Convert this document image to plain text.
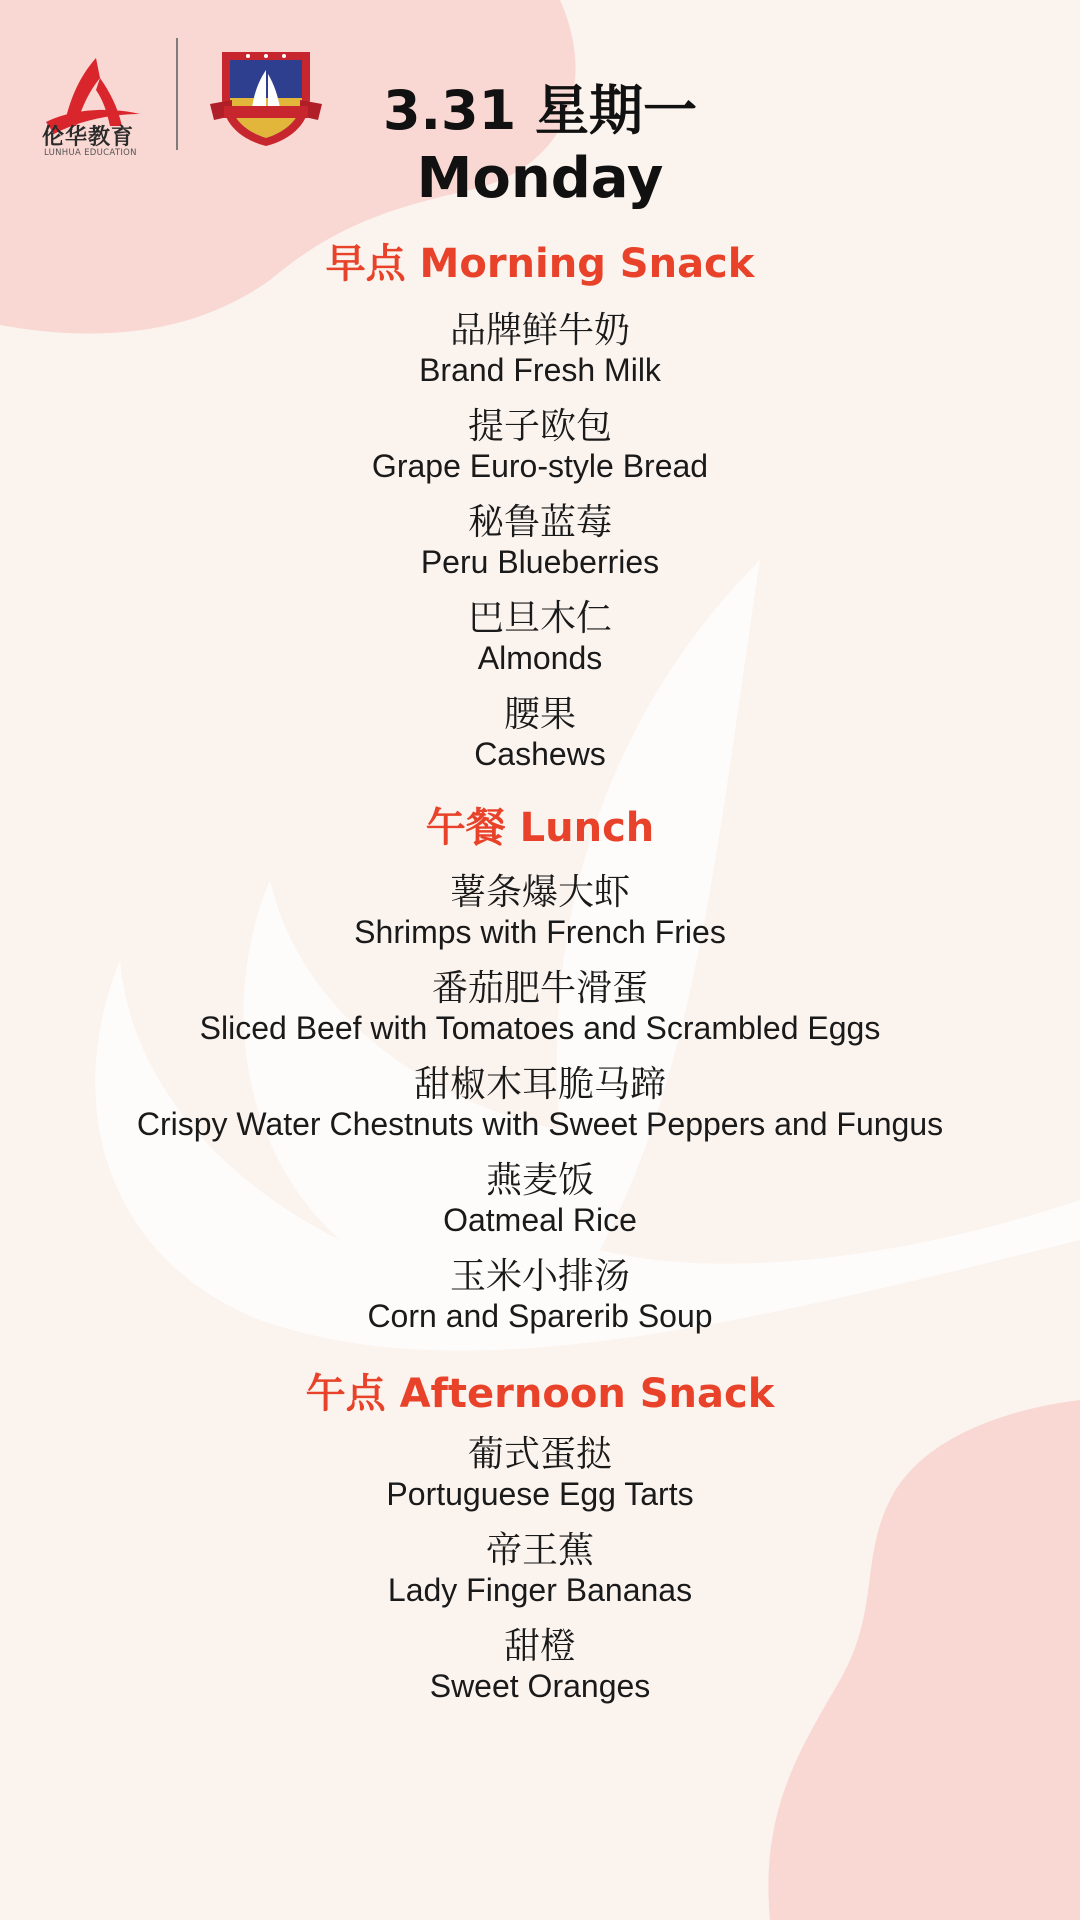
伦华教育
LUNHUA EDUCATION
3.31 星期一
Monday
早点 Morning Snack
品牌鲜牛奶
Brand Fresh Milk
提子欧包
Grape Euro-style Bread
秘鲁蓝莓
Peru Blueberries
巴旦木仁
Almonds
腰果
Cashews
午餐 Lunch
薯条爆大虾
Shrimps with French Fries
番茄肥牛滑蛋
Sliced Beef with Tomatoes and Scrambled Eggs
甜椒木耳脆马蹄
Crispy Water Chestnuts with Sweet Peppers and Fungus
燕麦饭
Oatmeal Rice
玉米小排汤
Corn and Sparerib Soup
午点 Afternoon Snack
葡式蛋挞
Portuguese Egg Tarts
帝王蕉
Lady Finger Bananas
甜橙
Sweet Oranges
